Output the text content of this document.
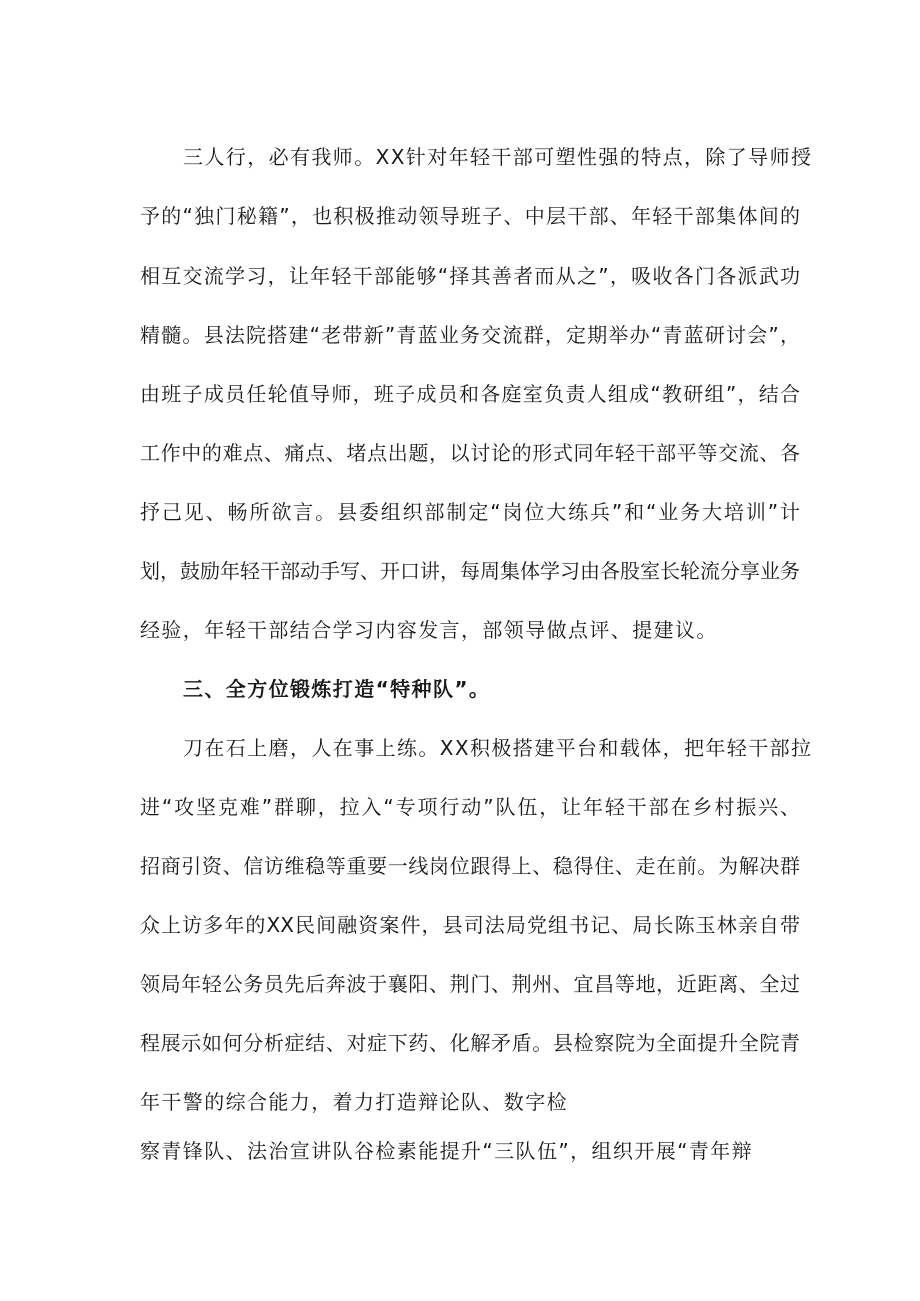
三人行，必有我师。XX针对年轻干部可塑性强的特点，除了导师授
予的“独门秘籍”，也积极推动领导班子、中层干部、年轻干部集体间的
相互交流学习，让年轻干部能够“择其善者而从之”，吸收各门各派武功
精髓。县法院搭建“老带新”青蓝业务交流群，定期举办“青蓝研讨会”，
由班子成员任轮值导师，班子成员和各庭室负责人组成“教研组”，结合
工作中的难点、痛点、堵点出题，以讨论的形式同年轻干部平等交流、各
抒己见、畅所欲言。县委组织部制定“岗位大练兵”和“业务大培训”计
划，鼓励年轻干部动手写、开口讲，每周集体学习由各股室长轮流分享业务
经验，年轻干部结合学习内容发言，部领导做点评、提建议。
三、全方位锻炼打造“特种队”。
刀在石上磨，人在事上练。XX积极搭建平台和载体，把年轻干部拉
进“攻坚克难”群聊，拉入“专项行动”队伍，让年轻干部在乡村振兴、
招商引资、信访维稳等重要一线岗位跟得上、稳得住、走在前。为解决群
众上访多年的XX民间融资案件，县司法局党组书记、局长陈玉林亲自带
领局年轻公务员先后奔波于襄阳、荆门、荆州、宜昌等地，近距离、全过
程展示如何分析症结、对症下药、化解矛盾。县检察院为全面提升全院青
年干警的综合能力，着力打造辩论队、数字检
察青锋队、法治宣讲队谷检素能提升“三队伍”，组织开展“青年辩
